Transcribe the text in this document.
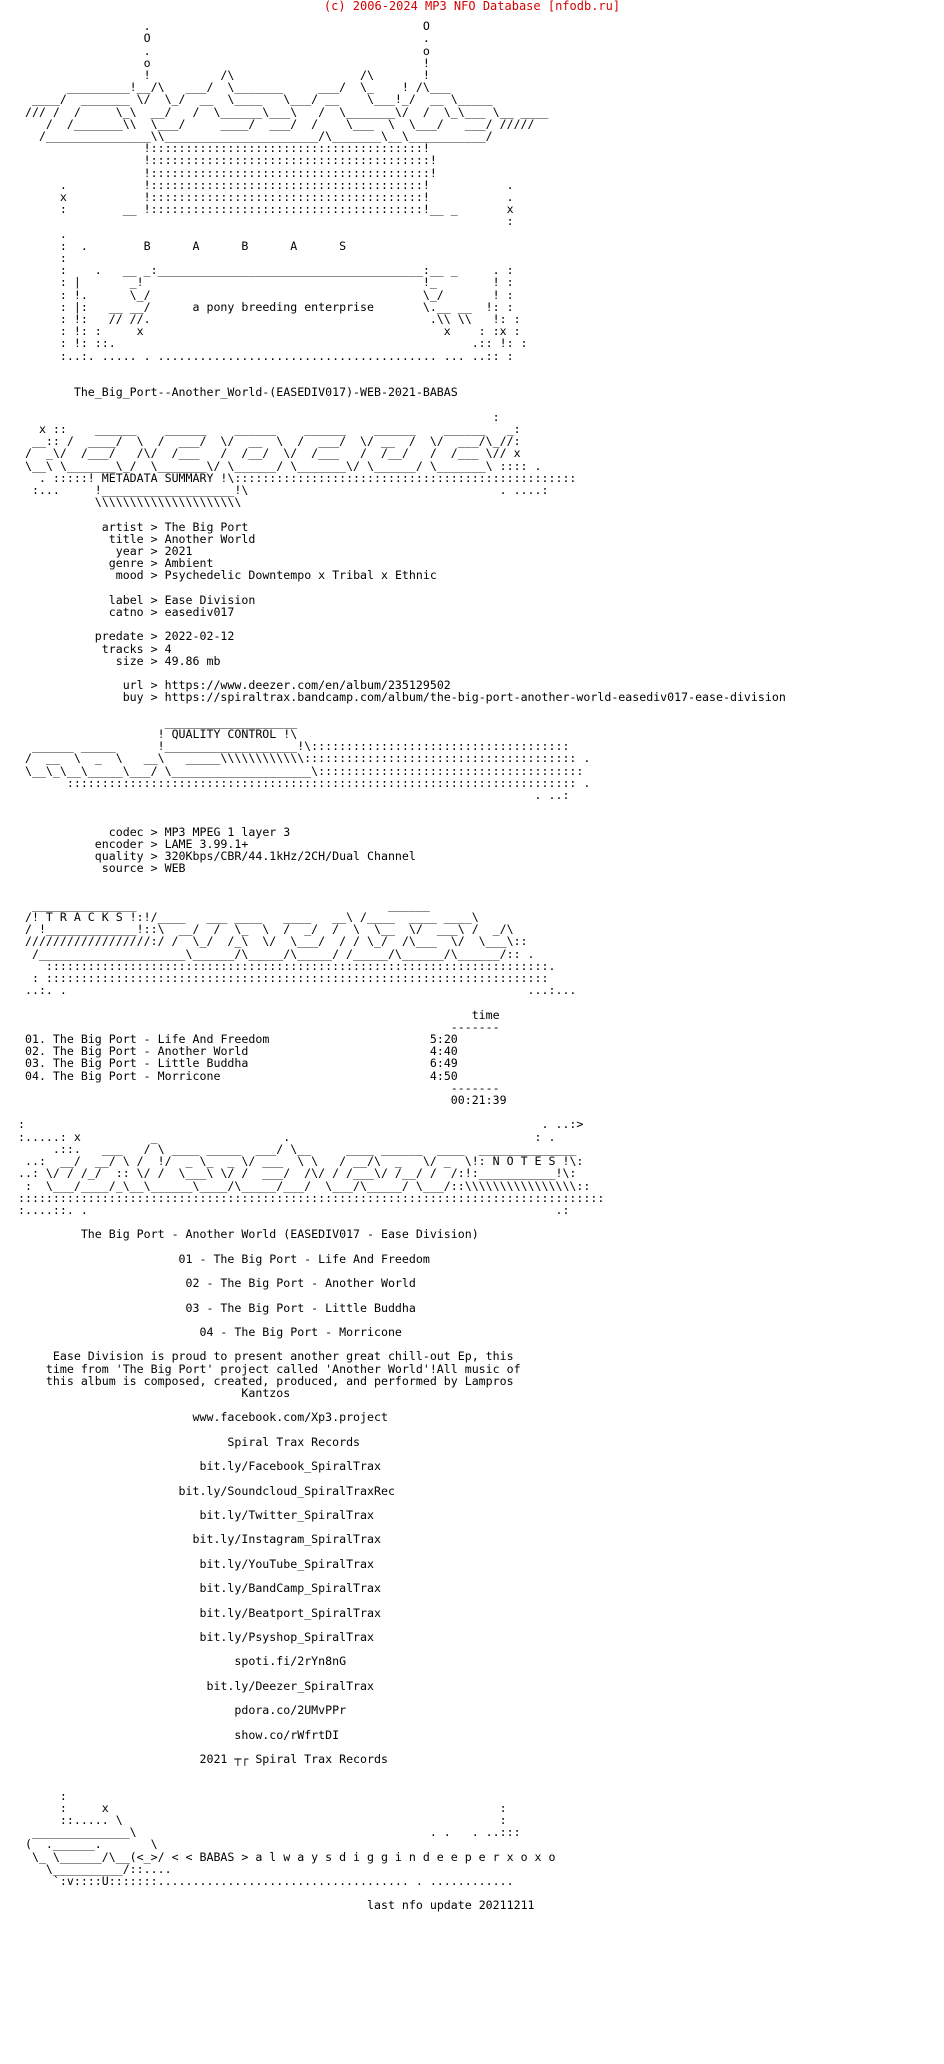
(c) 2006-2024 MP3 NFO Database [nfodb.ru]

.                                       O
O                                       .
.                                       o
o                                       !
!          /\                  /\       !
_________!__/\   ___/  \_______     ___/  \_    ! /\___
____/  _______ \/  \_/  __  \____   \___/ __    \___!_/  __ \_____
/// /  /     \_\  __/   /  \______\___\   /  \_______\/  /  \_\___ \__ ____
/  /_______\\  \___/     ____/  ___/  /    \___  \  \___/   ___/ /////
/_______________\\______________________/\_______\__\___________/
!:::::::::::::::::::::::::::::::::::::::!
!::::::::::::::::::::::::::::::::::::::::!
!::::::::::::::::::::::::::::::::::::::::!
.           !:::::::::::::::::::::::::::::::::::::::!           .
x           !:::::::::::::::::::::::::::::::::::::::!           .
:        __ !:::::::::::::::::::::::::::::::::::::::!__ _       x
:
.
:  .	B      A      B      A      S
:
:    .   __ _:______________________________________:__ _     . :
: |       _!                                        !_        ! :
: !.      \_/                                       \_/       ! :
: |:   __ __/	a pony breeding enterprise	\.__ __  !: :
: !:   // //.                                        .\\ \\   !: :
: !: :     x                                           x    : :x :
: !: ::.                                                   .:: !: :
:..:. ..... . ........................................ ... ..:: :

The_Big_Port--Another_World-(EASEDIV017)-WEB-2021-BABAS

:
x ::    ______    ______    ______    ______    ______    ______   _:
__:: /  ____/  \  /  ___/  \/  __  \  /  ___/  \/ __  /  \/  ___/\_//:
/  _\/  /___/   /\/  /___   /  /__/  \/  /___   /  /__/   /  /___ \// x
\__\ \_______\_/  \_______\/ \______/ \_______\/ \______/ \_______\ :::: .
. :::::! METADATA SUMMARY !\:::::::::::::::::::::::::::::::::::::::::::::::::
:...     !___________________!\                                    . ....:
\\\\\\\\\\\\\\\\\\\\\

artist > The Big Port
title > Another World
year > 2021
genre > Ambient
mood > Psychedelic Downtempo x Tribal x Ethnic

label > Ease Division
catno > easediv017

predate > 2022-02-12
tracks > 4
size > 49.86 mb

url > https://www.deezer.com/en/album/235129502
buy > https://spiraltrax.bandcamp.com/album/the-big-port-another-world-easediv017-ease-division

___________________
! QUALITY CONTROL !\
______ _____      !___________________!\:::::::::::::::::::::::::::::::::::::
/  __  \  _  \   __\   _____\\\\\\\\\\\\::::::::::::::::::::::::::::::::::::::: .
\__\_\__\_____\___/ \____________________\::::::::::::::::::::::::::::::::::::::
::::::::::::::::::::::::::::::::::::::::::::::::::::::::::::::::::::::::: .
. ..:

codec > MP3 MPEG 1 layer 3
encoder > LAME 3.99.1+
quality > 320Kbps/CBR/44.1kHz/2CH/Dual Channel
source > WEB

_______________                                    ______
/! T R A C K S !:!/____   ___ ____   ____   __\ /____  ____ ____\
/ !_____________!::\  __/  /  \_  \  /  _/  /  \  \__  \/  ___\ /  _/\
//////////////////:/ /  \_/  /_\  \/  \___/  / / \_/  /\___  \/  \___\::
/_____________________\______/\_____/\_____/ /_____/\______/\______/:: .
::::::::::::::::::::::::::::::::::::::::::::::::::::::::::::::::::::::::.
: ::::::::::::::::::::::::::::::::::::::::::::::::::::::::::::::::::::::::
..:. .                                                                  ...:...

time
-------
01. The Big Port - Life And Freedom	5:20
02. The Big Port - Another World	4:40
03. The Big Port - Little Buddha	6:49
04. The Big Port - Morricone	4:50
-------
00:21:39

:                                                                          . ..:>
:.....: x          _                  .                                   : .
.::.   ___   / \ ____ _____  ___/ \__     ____ ______  ____  ______________
..:  __/  __/ \ /  !/  _ \_  _ \/ ___  \ \   / __/\  _   \/ _  \!: N O T E S !\:
..: \/ / /_/  :: \/ /  \___\ \/ /  ___/  /\/ / /___\/ /__/ /  /:!:___________!\:
:  \___/____/_\__\______\____/\_____/___/  \___/\_____/ \___/::\\\\\\\\\\\\\\\\::
::::::::::::::::::::::::::::::::::::::::::::::::::::::::::::::::::::::::::::::::::::
:....::. .                                                                   .:

The Big Port - Another World (EASEDIV017 - Ease Division)

01 - The Big Port - Life And Freedom

02 - The Big Port - Another World

03 - The Big Port - Little Buddha

04 - The Big Port - Morricone

Ease Division is proud to present another great chill-out Ep, this
time from 'The Big Port' project called 'Another World'!All music of
this album is composed, created, produced, and performed by Lampros
Kantzos

www.facebook.com/Xp3.project

Spiral Trax Records

bit.ly/Facebook_SpiralTrax

bit.ly/Soundcloud_SpiralTraxRec

bit.ly/Twitter_SpiralTrax

bit.ly/Instagram_SpiralTrax

bit.ly/YouTube_SpiralTrax

bit.ly/BandCamp_SpiralTrax

bit.ly/Beatport_SpiralTrax

bit.ly/Psyshop_SpiralTrax

spoti.fi/2rYn8nG

bit.ly/Deezer_SpiralTrax

pdora.co/2UMvPPr

show.co/rWfrtDI

2021 ┬┌ Spiral Trax Records

:
:     x                                                        :
::..... \                                                      :
______________\                                          . .   . ..:::
(  .______.       \
\_ \______/\__(<_>/ < < BABAS > a l w a y s d i g g i n d e e p e r x o x o
\__________/::....
`:v::::U:::::::.................................... . ............

last nfo update 20211211
